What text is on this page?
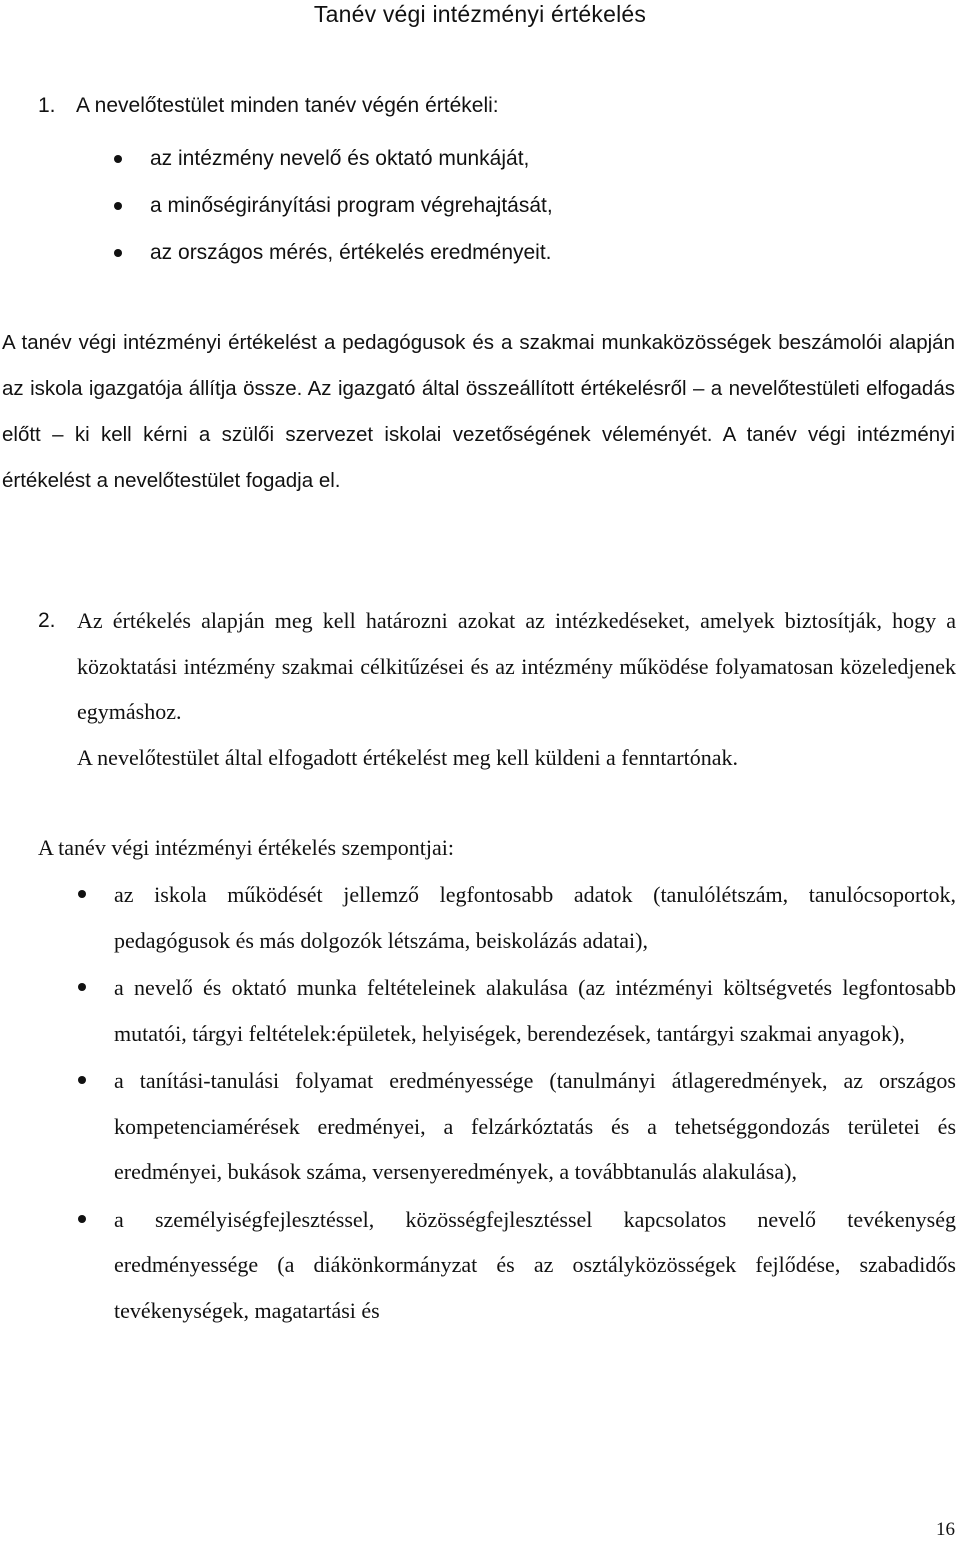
Tanév végi intézményi értékelés
1. A nevelőtestület minden tanév végén értékeli:
az intézmény nevelő és oktató munkáját,
a minőségirányítási program végrehajtását,
az országos mérés, értékelés eredményeit.

A tanév végi intézményi értékelést a pedagógusok és a szakmai munkaközösségek beszámolói alapján az iskola igazgatója állítja össze. Az igazgató által összeállított értékelésről – a nevelőtestületi elfogadás előtt – ki kell kérni a szülői szervezet iskolai vezetőségének véleményét. A tanév végi intézményi értékelést a nevelőtestület fogadja el.

2. Az értékelés alapján meg kell határozni azokat az intézkedéseket, amelyek biztosítják, hogy a közoktatási intézmény szakmai célkitűzései és az intézmény működése folyamatosan közeledjenek egymáshoz.

A nevelőtestület által elfogadott értékelést meg kell küldeni a fenntartónak.

A tanév végi intézményi értékelés szempontjai:
az iskola működését jellemző legfontosabb adatok (tanulólétszám, tanulócsoportok, pedagógusok és más dolgozók létszáma, beiskolázás adatai),
a nevelő és oktató munka feltételeinek alakulása (az intézményi költségvetés legfontosabb mutatói, tárgyi feltételek:épületek, helyiségek, berendezések, tantárgyi szakmai anyagok),
a tanítási-tanulási folyamat eredményessége (tanulmányi átlageredmények, az országos kompetenciamérések eredményei, a felzárkóztatás és a tehetséggondozás területei és eredményei, bukások száma, versenyeredmények, a továbbtanulás alakulása),
a személyiségfejlesztéssel, közösségfejlesztéssel kapcsolatos nevelő tevékenység eredményessége (a diákönkormányzat és az osztályközösségek fejlődése, szabadidős tevékenységek, magatartási és
16
